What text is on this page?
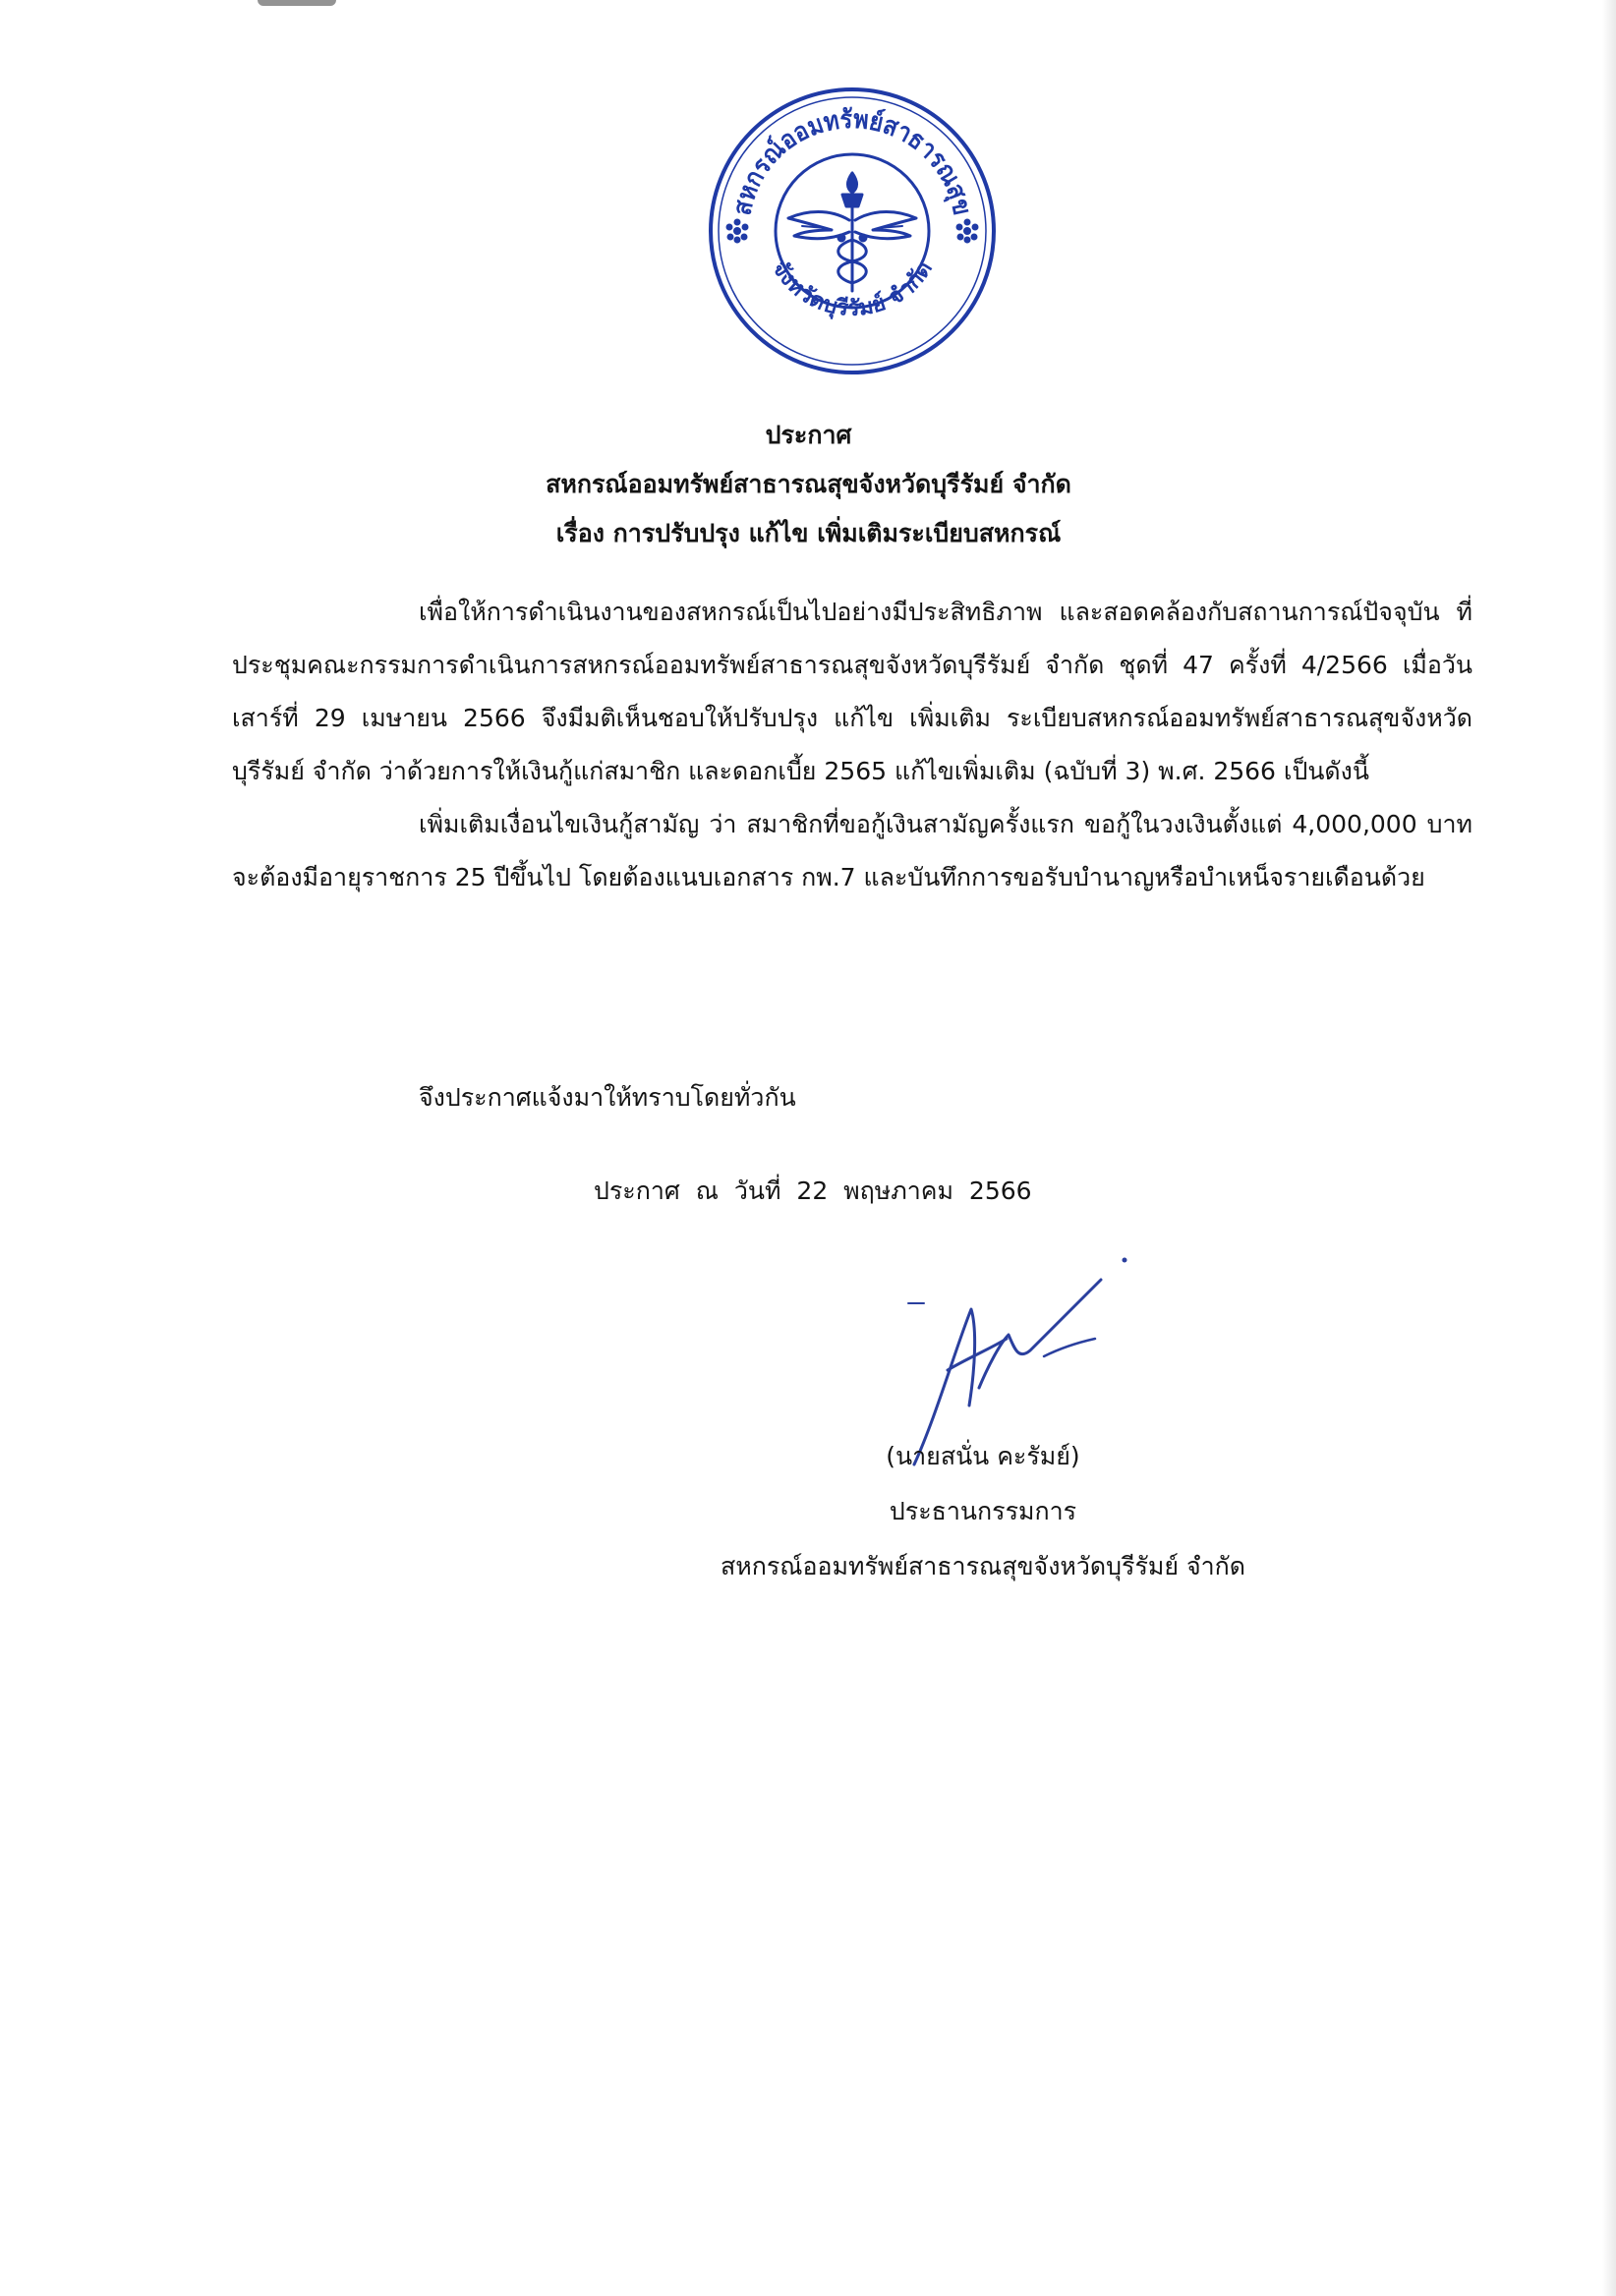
สหกรณ์ออมทรัพย์สาธารณสุข
จังหวัดบุรีรัมย์ จำกัด
ประกาศ
สหกรณ์ออมทรัพย์สาธารณสุขจังหวัดบุรีรัมย์ จำกัด
เรื่อง การปรับปรุง แก้ไข เพิ่มเติมระเบียบสหกรณ์

เพื่อให้การดำเนินงานของสหกรณ์เป็นไปอย่างมีประสิทธิภาพ และสอดคล้องกับสถานการณ์ปัจจุบัน ที่ประชุมคณะกรรมการดำเนินการสหกรณ์ออมทรัพย์สาธารณสุขจังหวัดบุรีรัมย์ จำกัด ชุดที่ 47 ครั้งที่ 4/2566 เมื่อวันเสาร์ที่ 29 เมษายน 2566 จึงมีมติเห็นชอบให้ปรับปรุง แก้ไข เพิ่มเติม ระเบียบสหกรณ์ออมทรัพย์สาธารณสุขจังหวัดบุรีรัมย์ จำกัด ว่าด้วยการให้เงินกู้แก่สมาชิก และดอกเบี้ย 2565 แก้ไขเพิ่มเติม (ฉบับที่ 3) พ.ศ. 2566 เป็นดังนี้

เพิ่มเติมเงื่อนไขเงินกู้สามัญ ว่า สมาชิกที่ขอกู้เงินสามัญครั้งแรก ขอกู้ในวงเงินตั้งแต่ 4,000,000 บาท จะต้องมีอายุราชการ 25 ปีขึ้นไป โดยต้องแนบเอกสาร กพ.7 และบันทึกการขอรับบำนาญหรือบำเหน็จรายเดือนด้วย

จึงประกาศแจ้งมาให้ทราบโดยทั่วกัน
ประกาศ ณ วันที่ 22 พฤษภาคม 2566
(นายสนั่น คะรัมย์)
ประธานกรรมการ
สหกรณ์ออมทรัพย์สาธารณสุขจังหวัดบุรีรัมย์ จำกัด
